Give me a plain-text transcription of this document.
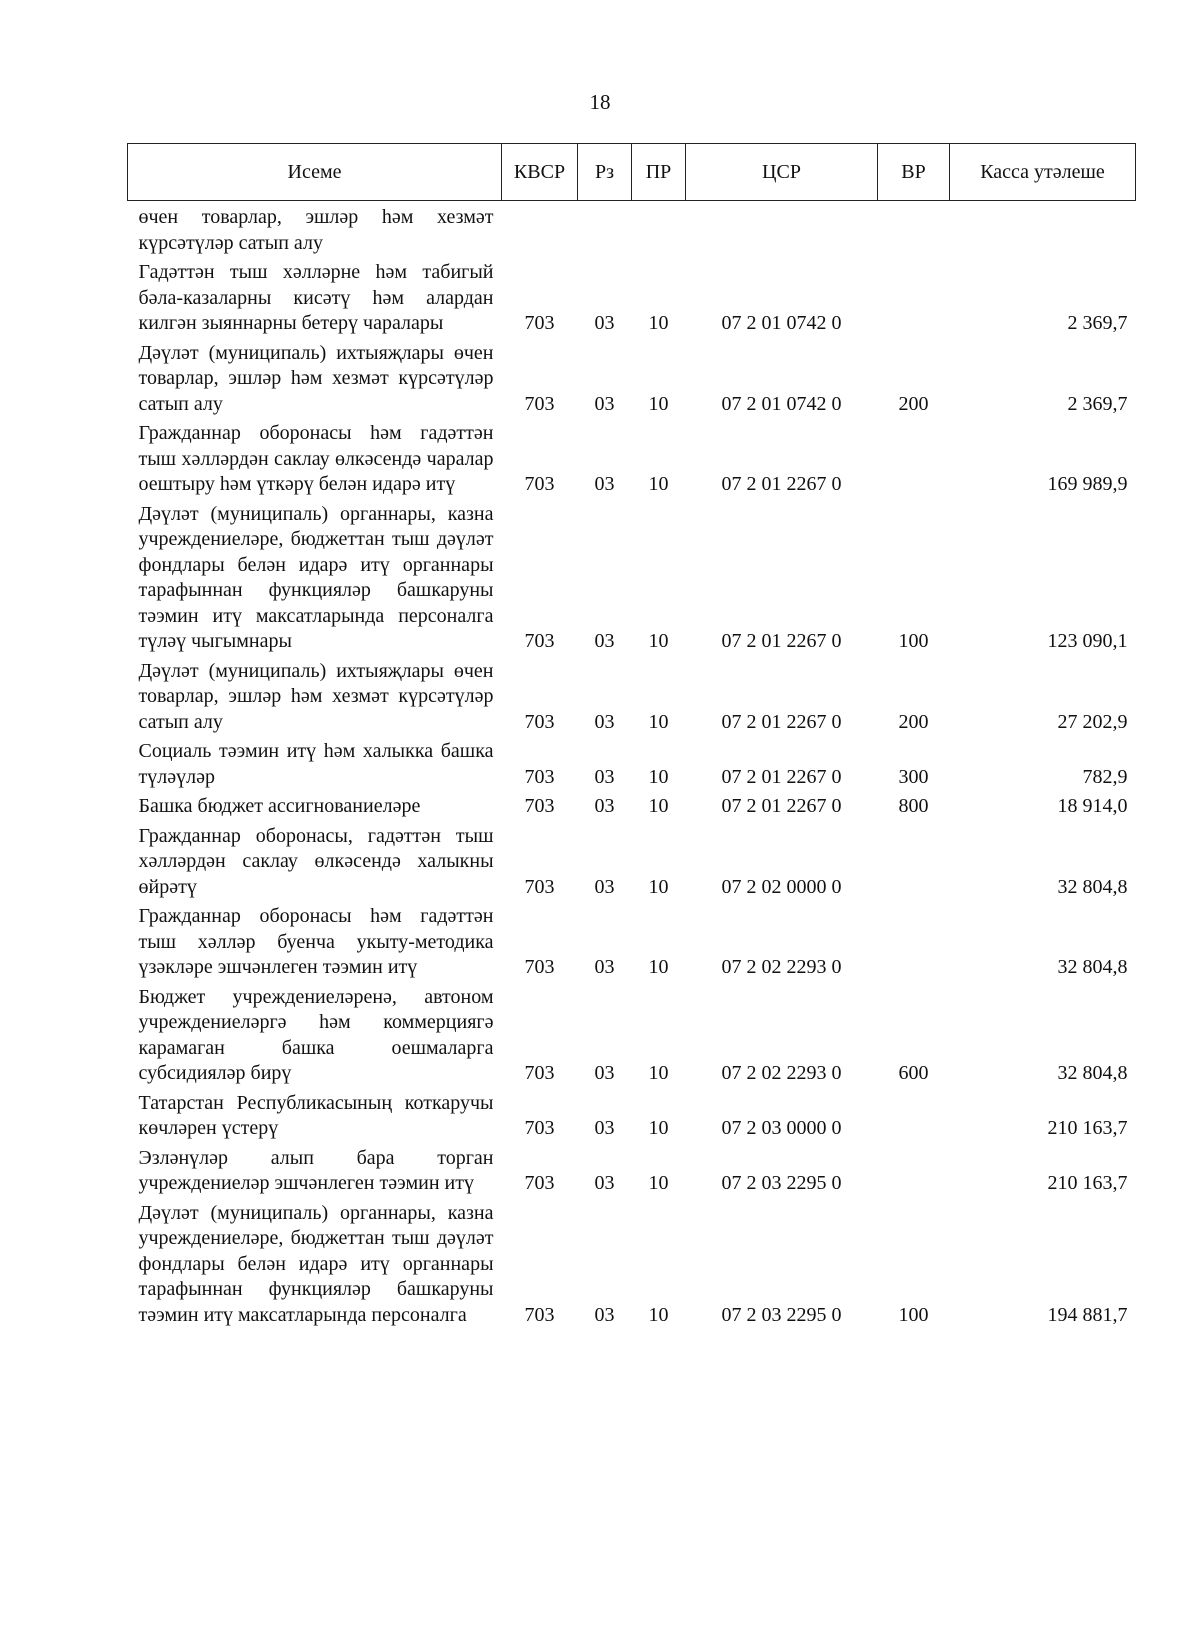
18
Исеме	КВСР	Рз	ПР	ЦСР	ВР	Касса утәлеше
өчен товарлар, эшләр һәм хезмәт күрсәтүләр сатып алу						
Гадәттән тыш хәлләрне һәм табигый бәла-казаларны кисәтү һәм алардан килгән зыяннарны бетерү чаралары	703	03	10	07 2 01 0742 0		2 369,7
Дәүләт (муниципаль) ихтыяҗлары өчен товарлар, эшләр һәм хезмәт күрсәтүләр сатып алу	703	03	10	07 2 01 0742 0	200	2 369,7
Гражданнар оборонасы һәм гадәттән тыш хәлләрдән саклау өлкәсендә чаралар оештыру һәм үткәрү белән идарә итү	703	03	10	07 2 01 2267 0		169 989,9
Дәүләт (муниципаль) органнары, казна учреждениеләре, бюджеттан тыш дәүләт фондлары белән идарә итү органнары тарафыннан функцияләр башкаруны тәэмин итү максатларында персоналга түләү чыгымнары	703	03	10	07 2 01 2267 0	100	123 090,1
Дәүләт (муниципаль) ихтыяҗлары өчен товарлар, эшләр һәм хезмәт күрсәтүләр сатып алу	703	03	10	07 2 01 2267 0	200	27 202,9
Социаль тәэмин итү һәм халыкка башка түләүләр	703	03	10	07 2 01 2267 0	300	782,9
Башка бюджет ассигнованиеләре	703	03	10	07 2 01 2267 0	800	18 914,0
Гражданнар оборонасы, гадәттән тыш хәлләрдән саклау өлкәсендә халыкны өйрәтү	703	03	10	07 2 02 0000 0		32 804,8
Гражданнар оборонасы һәм гадәттән тыш хәлләр буенча укыту-методика үзәкләре эшчәнлеген тәэмин итү	703	03	10	07 2 02 2293 0		32 804,8
Бюджет учреждениеләренә, автоном учреждениеләргә һәм коммерциягә карамаган башка оешмаларга субсидияләр бирү	703	03	10	07 2 02 2293 0	600	32 804,8
Татарстан Республикасының коткаручы көчләрен үстерү	703	03	10	07 2 03 0000 0		210 163,7
Эзләнүләр алып бара торган учреждениеләр эшчәнлеген тәэмин итү	703	03	10	07 2 03 2295 0		210 163,7
Дәүләт (муниципаль) органнары, казна учреждениеләре, бюджеттан тыш дәүләт фондлары белән идарә итү органнары тарафыннан функцияләр башкаруны тәэмин итү максатларында персоналга	703	03	10	07 2 03 2295 0	100	194 881,7
